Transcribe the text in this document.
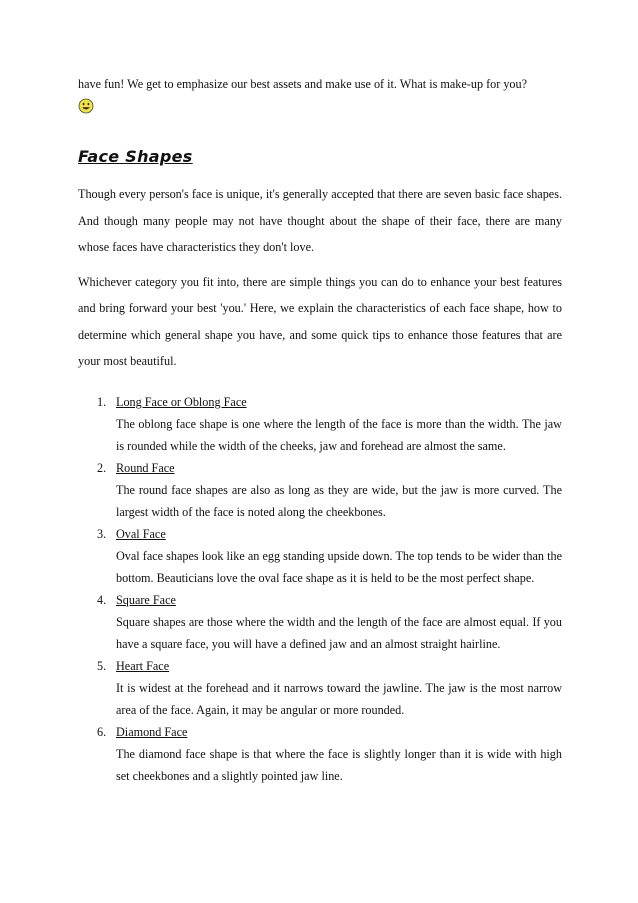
have fun! We get to emphasize our best assets and make use of it. What is make-up for you?

Face Shapes

Though every person's face is unique, it's generally accepted that there are seven basic face shapes. And though many people may not have thought about the shape of their face, there are many whose faces have characteristics they don't love.

Whichever category you fit into, there are simple things you can do to enhance your best features and bring forward your best 'you.' Here, we explain the characteristics of each face shape, how to determine which general shape you have, and some quick tips to enhance those features that are your most beautiful.

1. Long Face or Oblong Face
The oblong face shape is one where the length of the face is more than the width. The jaw is rounded while the width of the cheeks, jaw and forehead are almost the same.
2. Round Face
The round face shapes are also as long as they are wide, but the jaw is more curved. The largest width of the face is noted along the cheekbones.
3. Oval Face
Oval face shapes look like an egg standing upside down. The top tends to be wider than the bottom. Beauticians love the oval face shape as it is held to be the most perfect shape.
4. Square Face
Square shapes are those where the width and the length of the face are almost equal. If you have a square face, you will have a defined jaw and an almost straight hairline.
5. Heart Face
It is widest at the forehead and it narrows toward the jawline. The jaw is the most narrow area of the face. Again, it may be angular or more rounded.
6. Diamond Face
The diamond face shape is that where the face is slightly longer than it is wide with high set cheekbones and a slightly pointed jaw line.
